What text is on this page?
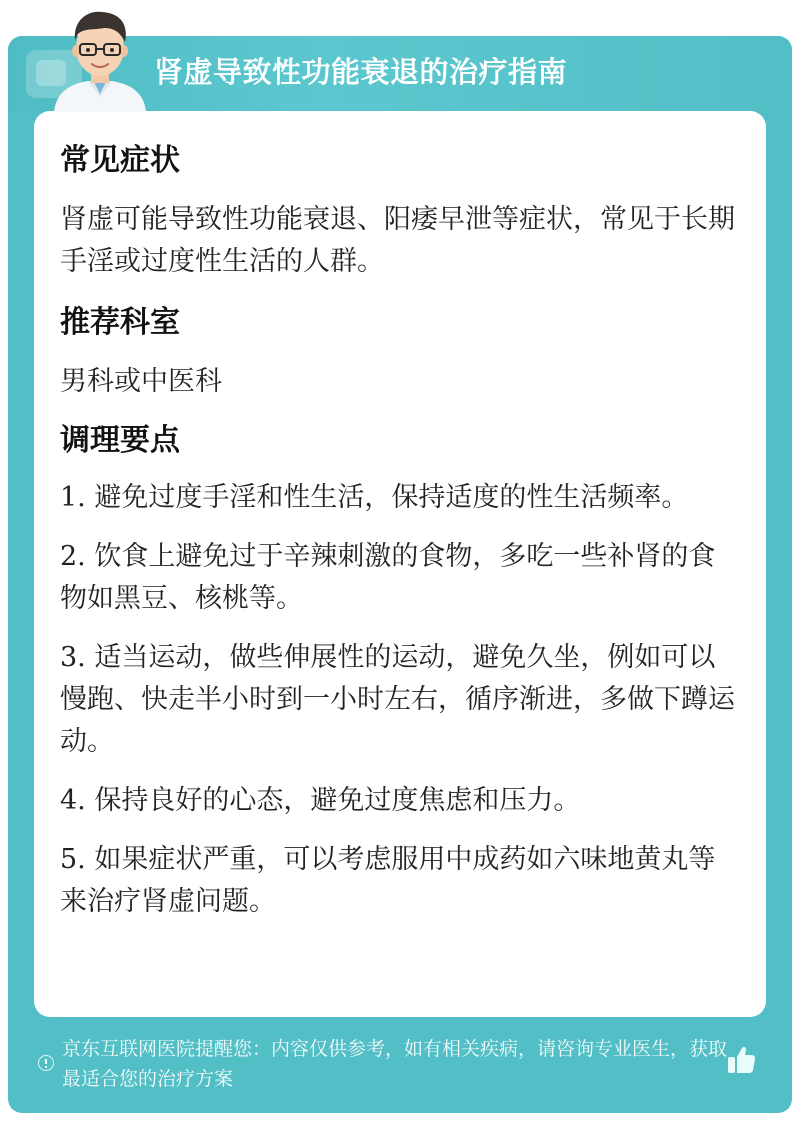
肾虚导致性功能衰退的治疗指南
京东互联网医院提醒您：内容仅供参考，如有相关疾病，请咨询专业医生，获取最适合您的治疗方案
常见症状

肾虚可能导致性功能衰退、阳痿早泄等症状，常见于长期手淫或过度性生活的人群。

推荐科室

男科或中医科

调理要点

1. 避免过度手淫和性生活，保持适度的性生活频率。

2. 饮食上避免过于辛辣刺激的食物，多吃一些补肾的食物如黑豆、核桃等。

3. 适当运动，做些伸展性的运动，避免久坐，例如可以慢跑、快走半小时到一小时左右，循序渐进，多做下蹲运动。

4. 保持良好的心态，避免过度焦虑和压力。

5. 如果症状严重，可以考虑服用中成药如六味地黄丸等来治疗肾虚问题。
